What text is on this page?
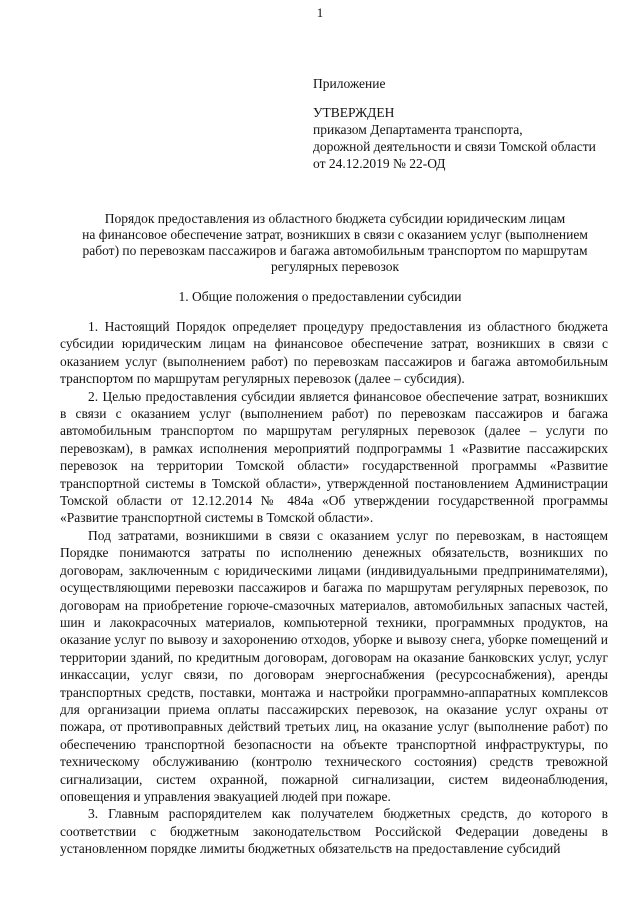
1
Приложение
УТВЕРЖДЕН
приказом Департамента транспорта,
дорожной деятельности и связи Томской области
от 24.12.2019 № 22-ОД
Порядок предоставления из областного бюджета субсидии юридическим лицам
на финансовое обеспечение затрат, возникших в связи с оказанием услуг (выполнением
работ) по перевозкам пассажиров и багажа автомобильным транспортом по маршрутам
регулярных перевозок
1. Общие положения о предоставлении субсидии

1. Настоящий Порядок определяет процедуру предоставления из областного бюджета субсидии юридическим лицам на финансовое обеспечение затрат, возникших в связи с оказанием услуг (выполнением работ) по перевозкам пассажиров и багажа автомобильным транспортом по маршрутам регулярных перевозок (далее – субсидия).

2. Целью предоставления субсидии является финансовое обеспечение затрат, возникших в связи с оказанием услуг (выполнением работ) по перевозкам пассажиров и багажа автомобильным транспортом по маршрутам регулярных перевозок (далее – услуги по перевозкам), в рамках исполнения мероприятий подпрограммы 1 «Развитие пассажирских перевозок на территории Томской области» государственной программы «Развитие транспортной системы в Томской области», утвержденной постановлением Администрации Томской области от 12.12.2014 № 484а «Об утверждении государственной программы «Развитие транспортной системы в Томской области».

Под затратами, возникшими в связи с оказанием услуг по перевозкам, в настоящем Порядке понимаются затраты по исполнению денежных обязательств, возникших по договорам, заключенным с юридическими лицами (индивидуальными предпринимателями), осуществляющими перевозки пассажиров и багажа по маршрутам регулярных перевозок, по договорам на приобретение горюче-смазочных материалов, автомобильных запасных частей, шин и лакокрасочных материалов, компьютерной техники, программных продуктов, на оказание услуг по вывозу и захоронению отходов, уборке и вывозу снега, уборке помещений и территории зданий, по кредитным договорам, договорам на оказание банковских услуг, услуг инкассации, услуг связи, по договорам энергоснабжения (ресурсоснабжения), аренды транспортных средств, поставки, монтажа и настройки программно-аппаратных комплексов для организации приема оплаты пассажирских перевозок, на оказание услуг охраны от пожара, от противоправных действий третьих лиц, на оказание услуг (выполнение работ) по обеспечению транспортной безопасности на объекте транспортной инфраструктуры, по техническому обслуживанию (контролю технического состояния) средств тревожной сигнализации, систем охранной, пожарной сигнализации, систем видеонаблюдения, оповещения и управления эвакуацией людей при пожаре.

3. Главным распорядителем как получателем бюджетных средств, до которого в соответствии с бюджетным законодательством Российской Федерации доведены в установленном порядке лимиты бюджетных обязательств на предоставление субсидий
